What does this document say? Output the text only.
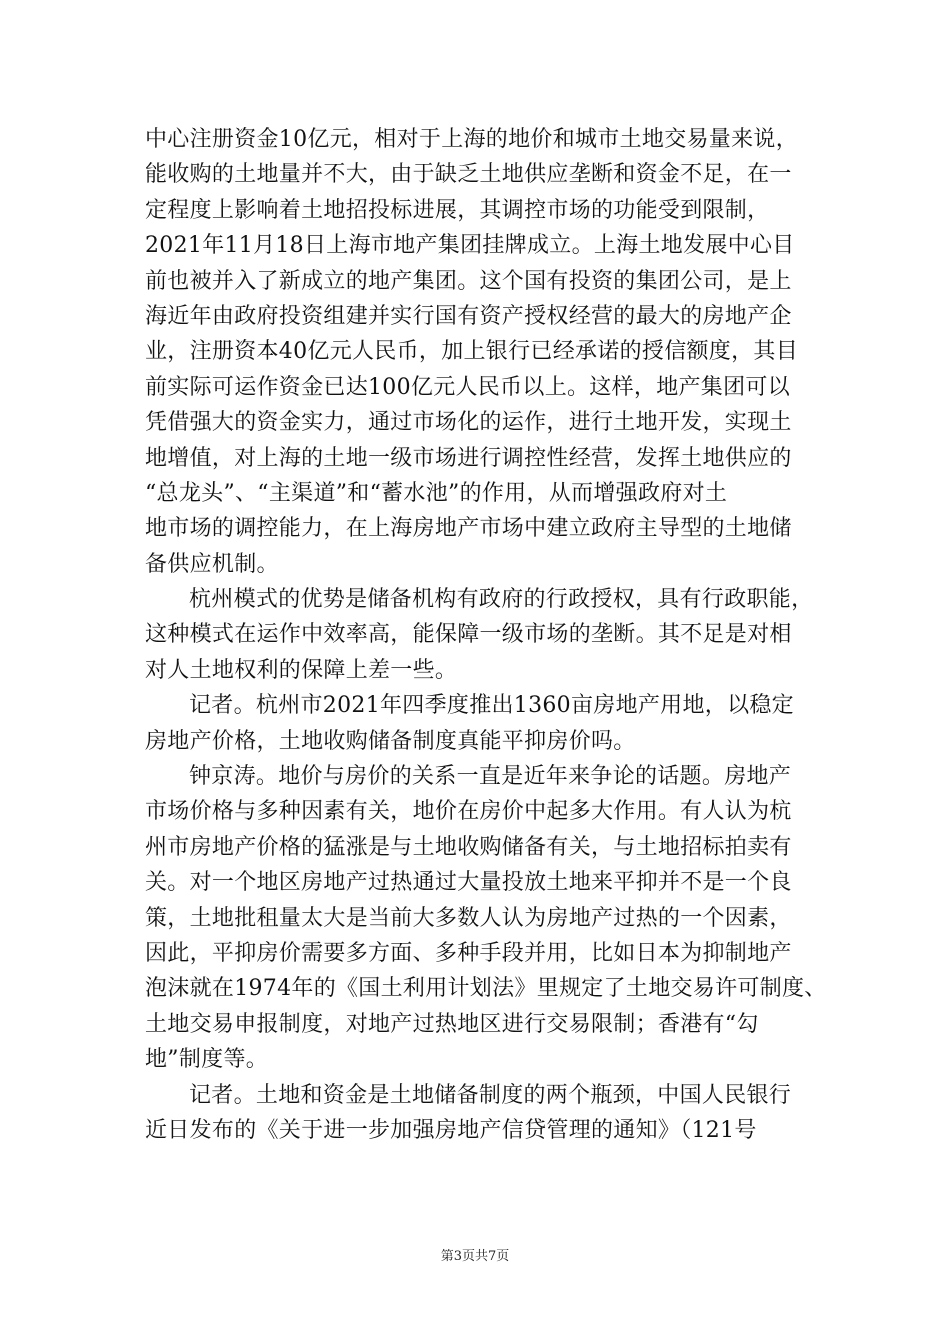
中心注册资金10亿元，相对于上海的地价和城市土地交易量来说，
能收购的土地量并不大，由于缺乏土地供应垄断和资金不足，在一
定程度上影响着土地招投标进展，其调控市场的功能受到限制，
2021年11月18日上海市地产集团挂牌成立。上海土地发展中心目
前也被并入了新成立的地产集团。这个国有投资的集团公司，是上
海近年由政府投资组建并实行国有资产授权经营的最大的房地产企
业，注册资本40亿元人民币，加上银行已经承诺的授信额度，其目
前实际可运作资金已达100亿元人民币以上。这样，地产集团可以
凭借强大的资金实力，通过市场化的运作，进行土地开发，实现土
地增值，对上海的土地一级市场进行调控性经营，发挥土地供应的
“总龙头”、“主渠道”和“蓄水池”的作用，从而增强政府对土
地市场的调控能力，在上海房地产市场中建立政府主导型的土地储
备供应机制。
杭州模式的优势是储备机构有政府的行政授权，具有行政职能，
这种模式在运作中效率高，能保障一级市场的垄断。其不足是对相
对人土地权利的保障上差一些。
记者。杭州市2021年四季度推出1360亩房地产用地，以稳定
房地产价格，土地收购储备制度真能平抑房价吗。
钟京涛。地价与房价的关系一直是近年来争论的话题。房地产
市场价格与多种因素有关，地价在房价中起多大作用。有人认为杭
州市房地产价格的猛涨是与土地收购储备有关，与土地招标拍卖有
关。对一个地区房地产过热通过大量投放土地来平抑并不是一个良
策，土地批租量太大是当前大多数人认为房地产过热的一个因素，
因此，平抑房价需要多方面、多种手段并用，比如日本为抑制地产
泡沫就在1974年的《国土利用计划法》里规定了土地交易许可制度、
土地交易申报制度，对地产过热地区进行交易限制；香港有“勾
地”制度等。
记者。土地和资金是土地储备制度的两个瓶颈，中国人民银行
近日发布的《关于进一步加强房地产信贷管理的通知》（121号
第3页共7页
